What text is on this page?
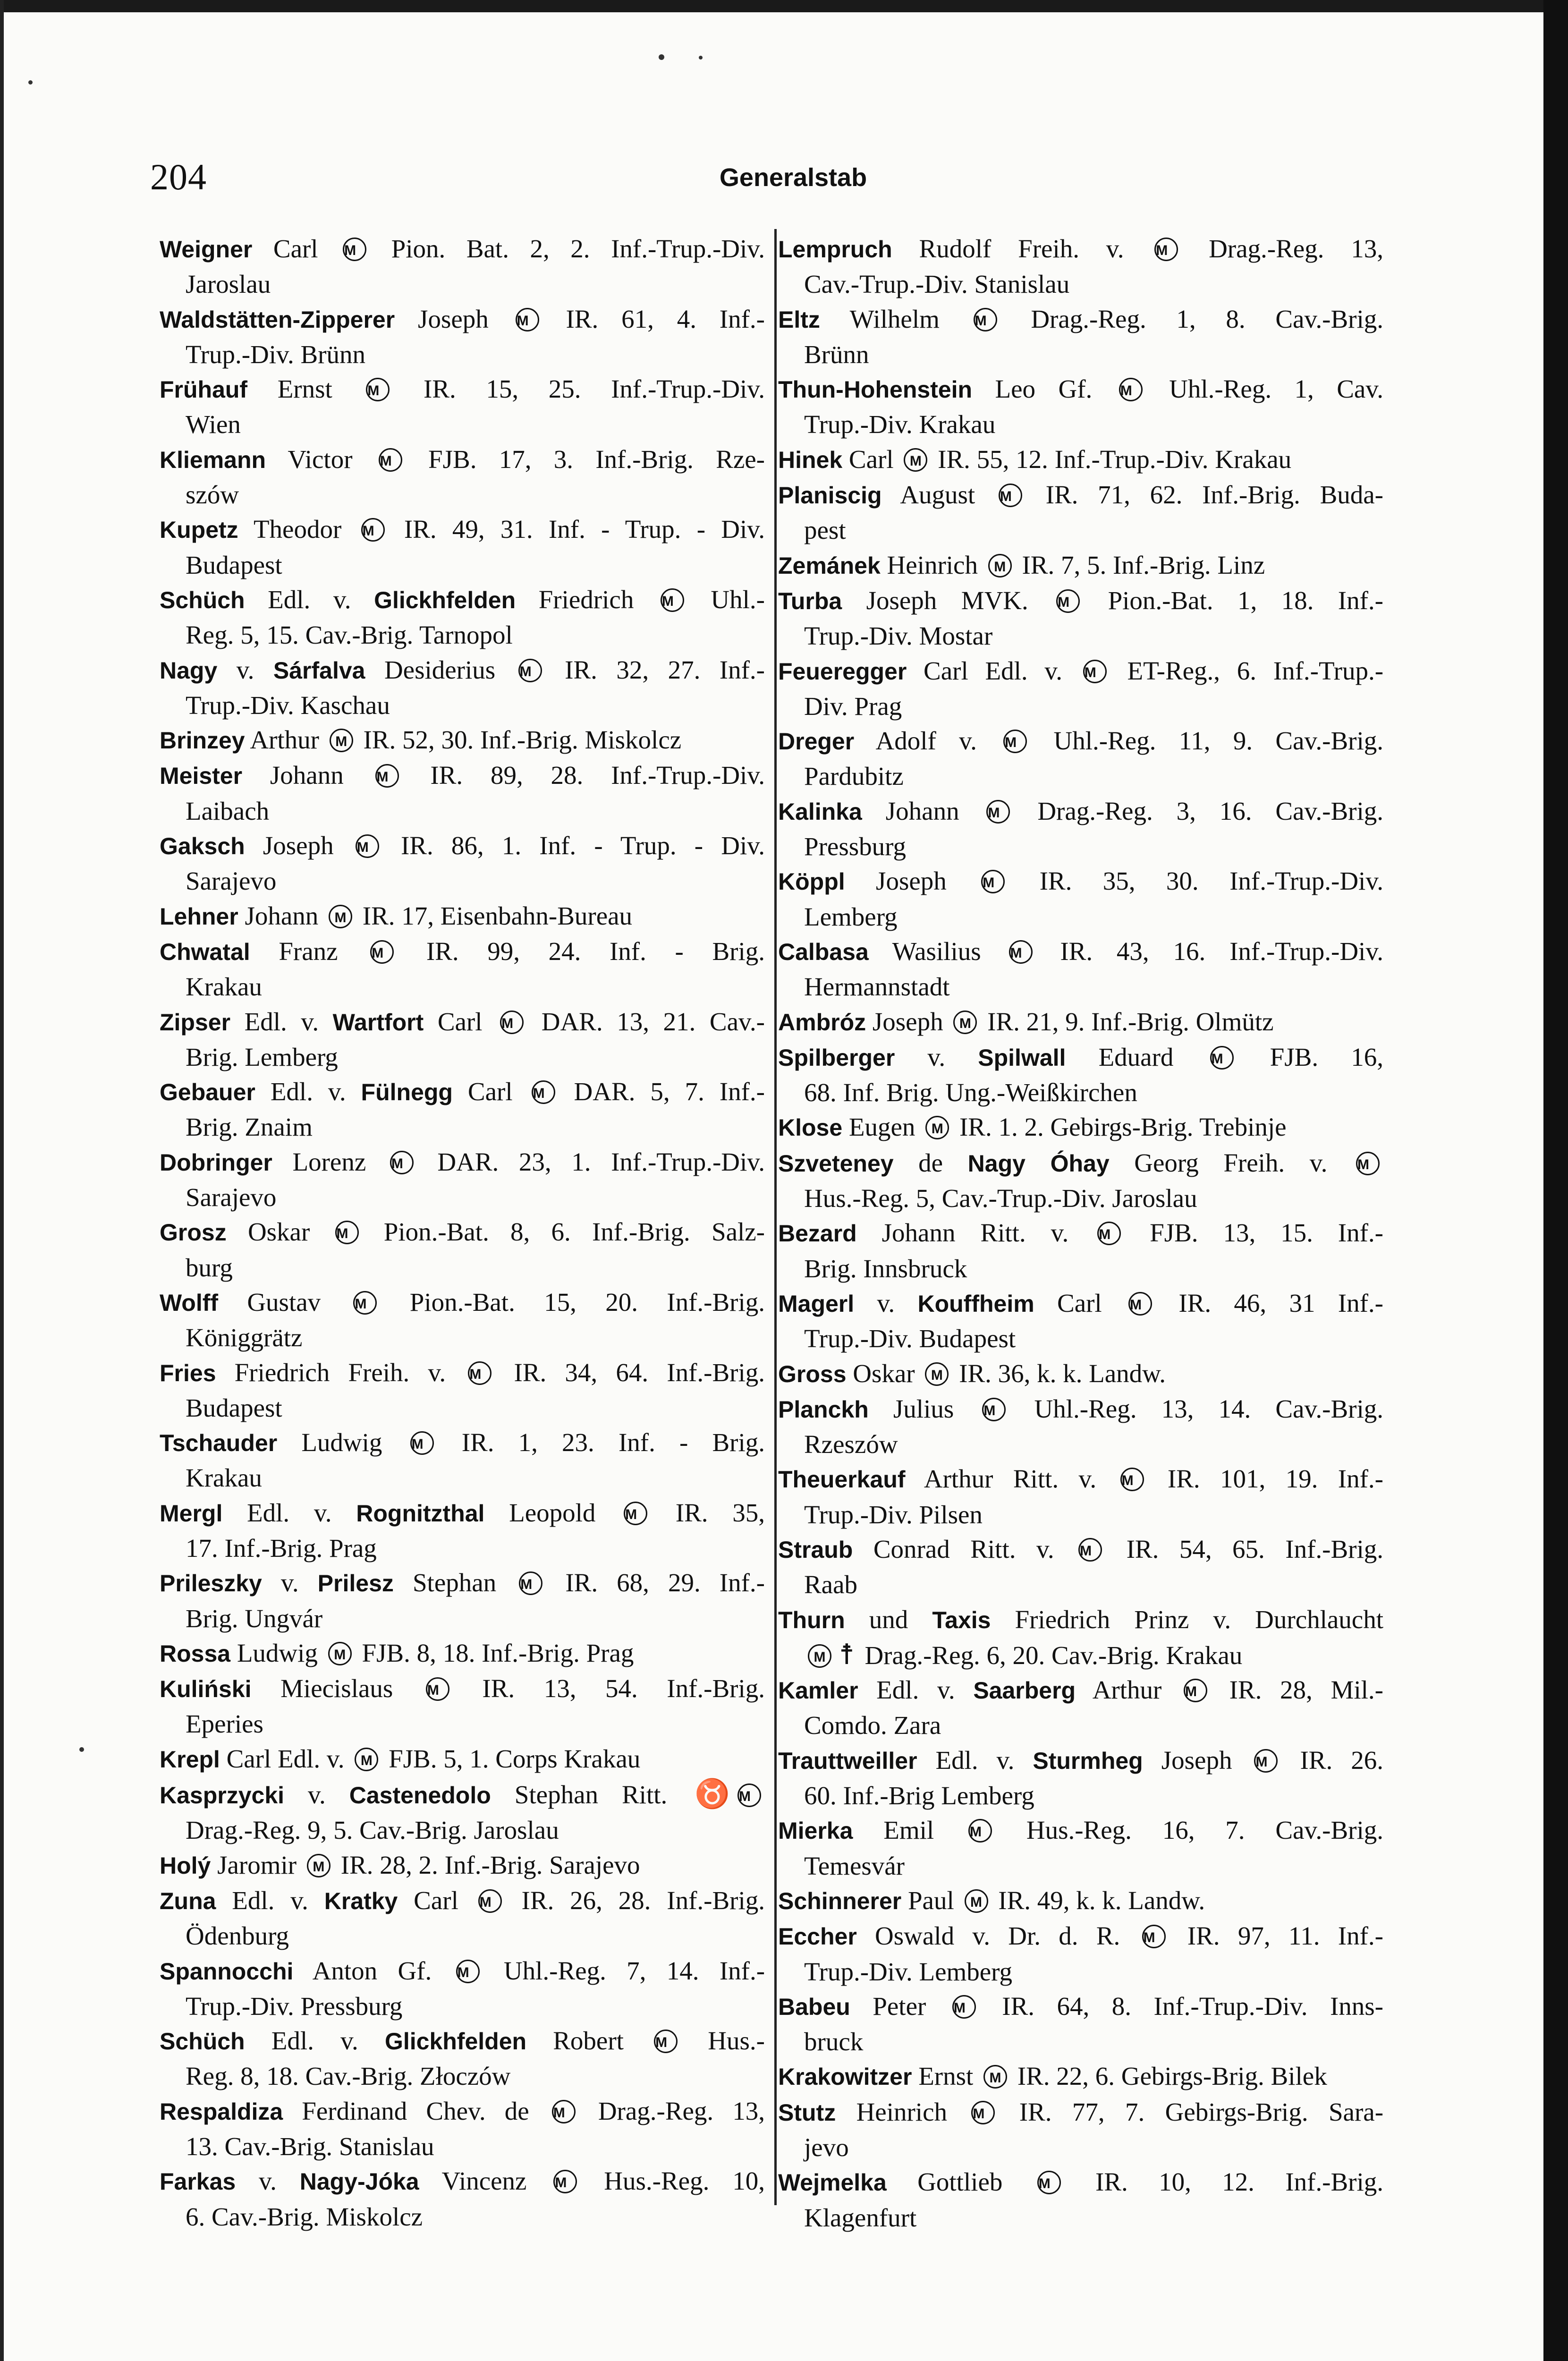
204	Generalstab
Weigner Carl M Pion. Bat. 2, 2. Inf.-Trup.-Div.
Jaroslau
Waldstätten-Zipperer Joseph M IR. 61, 4. Inf.-
Trup.-Div. Brünn
Frühauf Ernst M IR. 15, 25. Inf.-Trup.-Div.
Wien
Kliemann Victor M FJB. 17, 3. Inf.-Brig. Rze-
szów
Kupetz Theodor M IR. 49, 31. Inf. - Trup. - Div.
Budapest
Schüch Edl. v. Glickhfelden Friedrich M Uhl.-
Reg. 5, 15. Cav.-Brig. Tarnopol
Nagy v. Sárfalva Desiderius M IR. 32, 27. Inf.-
Trup.-Div. Kaschau
Brinzey Arthur M IR. 52, 30. Inf.-Brig. Miskolcz
Meister Johann M IR. 89, 28. Inf.-Trup.-Div.
Laibach
Gaksch Joseph M IR. 86, 1. Inf. - Trup. - Div.
Sarajevo
Lehner Johann M IR. 17, Eisenbahn-Bureau
Chwatal Franz M IR. 99, 24. Inf. - Brig.
Krakau
Zipser Edl. v. Wartfort Carl M DAR. 13, 21. Cav.-
Brig. Lemberg
Gebauer Edl. v. Fülnegg Carl M DAR. 5, 7. Inf.-
Brig. Znaim
Dobringer Lorenz M DAR. 23, 1. Inf.-Trup.-Div.
Sarajevo
Grosz Oskar M Pion.-Bat. 8, 6. Inf.-Brig. Salz-
burg
Wolff Gustav M Pion.-Bat. 15, 20. Inf.-Brig.
Königgrätz
Fries Friedrich Freih. v. M IR. 34, 64. Inf.-Brig.
Budapest
Tschauder Ludwig M IR. 1, 23. Inf. - Brig.
Krakau
Mergl Edl. v. Rognitzthal Leopold M IR. 35,
17. Inf.-Brig. Prag
Prileszky v. Prilesz Stephan M IR. 68, 29. Inf.-
Brig. Ungvár
Rossa Ludwig M FJB. 8, 18. Inf.-Brig. Prag
Kuliński Miecislaus M IR. 13, 54. Inf.-Brig.
Eperies
Krepl Carl Edl. v. M FJB. 5, 1. Corps Krakau
Kasprzycki v. Castenedolo Stephan Ritt. ♉ M
Drag.-Reg. 9, 5. Cav.-Brig. Jaroslau
Holý Jaromir M IR. 28, 2. Inf.-Brig. Sarajevo
Zuna Edl. v. Kratky Carl M IR. 26, 28. Inf.-Brig.
Ödenburg
Spannocchi Anton Gf. M Uhl.-Reg. 7, 14. Inf.-
Trup.-Div. Pressburg
Schüch Edl. v. Glickhfelden Robert M Hus.-
Reg. 8, 18. Cav.-Brig. Złoczów
Respaldiza Ferdinand Chev. de M Drag.-Reg. 13,
13. Cav.-Brig. Stanislau
Farkas v. Nagy-Jóka Vincenz M Hus.-Reg. 10,
6. Cav.-Brig. Miskolcz
Lempruch Rudolf Freih. v. M Drag.-Reg. 13,
Cav.-Trup.-Div. Stanislau
Eltz Wilhelm M Drag.-Reg. 1, 8. Cav.-Brig.
Brünn
Thun-Hohenstein Leo Gf. M Uhl.-Reg. 1, Cav.
Trup.-Div. Krakau
Hinek Carl M IR. 55, 12. Inf.-Trup.-Div. Krakau
Planiscig August M IR. 71, 62. Inf.-Brig. Buda-
pest
Zemánek Heinrich M IR. 7, 5. Inf.-Brig. Linz
Turba Joseph MVK. M Pion.-Bat. 1, 18. Inf.-
Trup.-Div. Mostar
Feueregger Carl Edl. v. M ET-Reg., 6. Inf.-Trup.-
Div. Prag
Dreger Adolf v. M Uhl.-Reg. 11, 9. Cav.-Brig.
Pardubitz
Kalinka Johann M Drag.-Reg. 3, 16. Cav.-Brig.
Pressburg
Köppl Joseph M IR. 35, 30. Inf.-Trup.-Div.
Lemberg
Calbasa Wasilius M IR. 43, 16. Inf.-Trup.-Div.
Hermannstadt
Ambróz Joseph M IR. 21, 9. Inf.-Brig. Olmütz
Spilberger v. Spilwall Eduard M FJB. 16,
68. Inf. Brig. Ung.-Weißkirchen
Klose Eugen M IR. 1. 2. Gebirgs-Brig. Trebinje
Szveteney de Nagy Óhay Georg Freih. v. M
Hus.-Reg. 5, Cav.-Trup.-Div. Jaroslau
Bezard Johann Ritt. v. M FJB. 13, 15. Inf.-
Brig. Innsbruck
Magerl v. Kouffheim Carl M IR. 46, 31 Inf.-
Trup.-Div. Budapest
Gross Oskar M IR. 36, k. k. Landw.
Planckh Julius M Uhl.-Reg. 13, 14. Cav.-Brig.
Rzeszów
Theuerkauf Arthur Ritt. v. M IR. 101, 19. Inf.-
Trup.-Div. Pilsen
Straub Conrad Ritt. v. M IR. 54, 65. Inf.-Brig.
Raab
Thurn und Taxis Friedrich Prinz v. Durchlaucht
M ☨ Drag.-Reg. 6, 20. Cav.-Brig. Krakau
Kamler Edl. v. Saarberg Arthur M IR. 28, Mil.-
Comdo. Zara
Trauttweiller Edl. v. Sturmheg Joseph M IR. 26.
60. Inf.-Brig Lemberg
Mierka Emil M Hus.-Reg. 16, 7. Cav.-Brig.
Temesvár
Schinnerer Paul M IR. 49, k. k. Landw.
Eccher Oswald v. Dr. d. R. M IR. 97, 11. Inf.-
Trup.-Div. Lemberg
Babeu Peter M IR. 64, 8. Inf.-Trup.-Div. Inns-
bruck
Krakowitzer Ernst M IR. 22, 6. Gebirgs-Brig. Bilek
Stutz Heinrich M IR. 77, 7. Gebirgs-Brig. Sara-
jevo
Wejmelka Gottlieb M IR. 10, 12. Inf.-Brig.
Klagenfurt
